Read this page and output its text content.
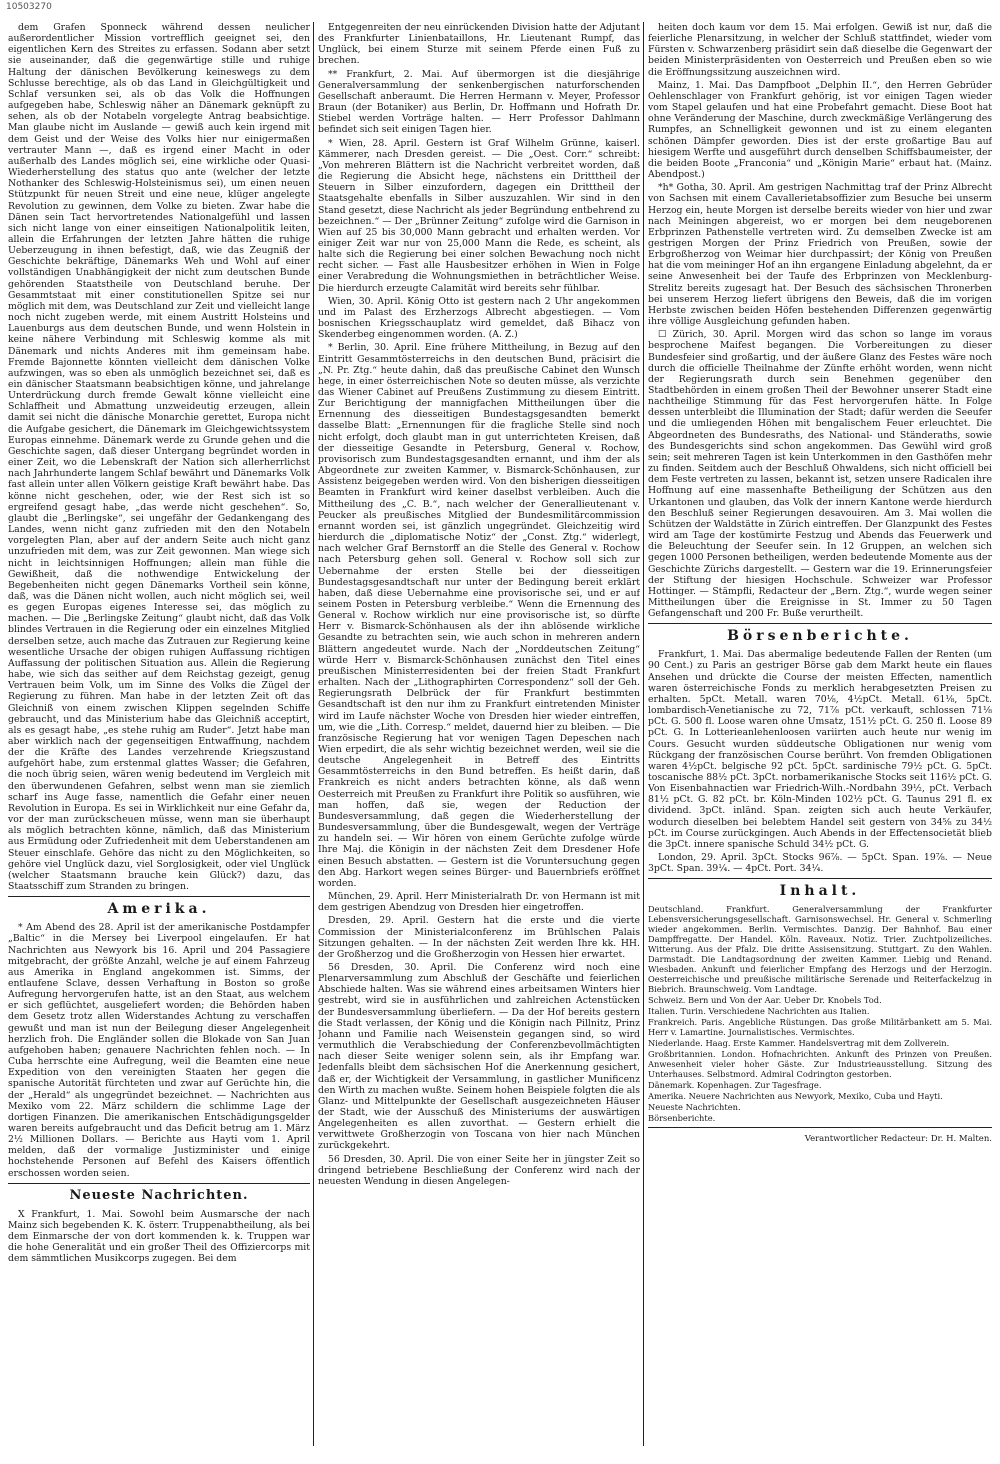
10503270

dem Grafen Sponneck während dessen neulicher außerordentlicher Mission vortrefflich geeignet sei, den eigentlichen Kern des Streites zu erfassen. Sodann aber setzt sie auseinander, daß die gegenwärtige stille und ruhige Haltung der dänischen Bevölkerung keineswegs zu dem Schlusse berechtige, als ob das Land in Gleichgültigkeit und Schlaf versunken sei, als ob das Volk die Hoffnungen aufgegeben habe, Schleswig näher an Dänemark geknüpft zu sehen, als ob der Notabeln vorgelegte Antrag beabsichtige. Man glaube nicht im Auslande — gewiß auch kein irgend mit dem Geist und der Weise des Volks hier nur einigermaßen vertrauter Mann —, daß es irgend einer Macht in oder außerhalb des Landes möglich sei, eine wirkliche oder Quasi-Wiederherstellung des status quo ante (welcher der letzte Nothanker des Schleswig-Holsteinismus sei), um einen neuen Stützpunkt für neuen Streit und eine neue, klüger angelegte Revolution zu gewinnen, dem Volke zu bieten. Zwar habe die Dänen sein Tact hervortretendes Nationalgefühl und lassen sich nicht lange von einer einseitigen Nationalpolitik leiten, allein die Erfahrungen der letzten Jahre hätten die ruhige Ueberzeugung in ihnen befestigt, daß, wie das Zeugniß der Geschichte bekräftige, Dänemarks Weh und Wohl auf einer vollständigen Unabhängigkeit der nicht zum deutschen Bunde gehörenden Staatstheile von Deutschland beruhe. Der Gesammtstaat mit einer constitutionellen Spitze sei nur möglich mit dem, was Deutschland zur Zeit und vielleicht lange noch nicht zugeben werde, mit einem Austritt Holsteins und Lauenburgs aus dem deutschen Bunde, und wenn Holstein in keine nähere Verbindung mit Schleswig komme als mit Dänemark und nichts Anderes mit ihm gemeinsam habe. Fremde Bajonnette könnten vielleicht dem dänischen Volke aufzwingen, was so eben als unmöglich bezeichnet sei, daß es ein dänischer Staatsmann beabsichtigen könne, und jahrelange Unterdrückung durch fremde Gewalt könne vielleicht eine Schlaffheit und Abmattung unzweideutig erzeugen, allein damit sei nicht die dänische Monarchie gerettet, Europa nicht die Aufgabe gesichert, die Dänemark im Gleichgewichtssystem Europas einnehme. Dänemark werde zu Grunde gehen und die Geschichte sagen, daß dieser Untergang begründet worden in einer Zeit, wo die Lebenskraft der Nation sich allerherrlichst nach Jahrhunderte langem Schlaf bewährt und Dänemarks Volk fast allein unter allen Völkern geistige Kraft bewährt habe. Das könne nicht geschehen, oder, wie der Rest sich ist so ergreifend gesagt habe, „das werde nicht geschehen“. So, glaubt die „Berlingske“, sei ungefähr der Gedankengang des Landes, wenn nicht ganz zufrieden mit den den Notabeln vorgelegten Plan, aber auf der andern Seite auch nicht ganz unzufrieden mit dem, was zur Zeit gewonnen. Man wiege sich nicht in leichtsinnigen Hoffnungen; allein man fühle die Gewißheit, daß die nothwendige Entwickelung der Begebenheiten nicht gegen Dänemarks Vortheil sein könne, daß, was die Dänen nicht wollen, auch nicht möglich sei, weil es gegen Europas eigenes Interesse sei, das möglich zu machen. — Die „Berlingske Zeitung“ glaubt nicht, daß das Volk blindes Vertrauen in die Regierung oder ein einzelnes Mitglied derselben setze, auch mache das Zutrauen zur Regierung keine wesentliche Ursache der obigen ruhigen Auffassung richtigen Auffassung der politischen Situation aus. Allein die Regierung habe, wie sich das seither auf dem Reichstag gezeigt, genug Vertrauen beim Volk, um im Sinne des Volks die Zügel der Regierung zu führen. Man habe in der letzten Zeit oft das Gleichniß von einem zwischen Klippen segelnden Schiffe gebraucht, und das Ministerium habe das Gleichniß acceptirt, als es gesagt habe, „es stehe ruhig am Ruder“. Jetzt habe man aber wirklich nach der gegenseitigen Entwaffnung, nachdem der die Kräfte des Landes verzehrende Kriegszustand aufgehört habe, zum erstenmal glattes Wasser; die Gefahren, die noch übrig seien, wären wenig bedeutend im Vergleich mit den überwundenen Gefahren, selbst wenn man sie ziemlich scharf ins Auge fasse, namentlich die Gefahr einer neuen Revolution in Europa. Es sei in Wirklichkeit nur eine Gefahr da, vor der man zurückscheuen müsse, wenn man sie überhaupt als möglich betrachten könne, nämlich, daß das Ministerium aus Ermüdung oder Zufriedenheit mit dem Ueberstandenen am Steuer einschlafe. Gehöre das nicht zu den Möglichkeiten, so gehöre viel Unglück dazu, viel Sorglosigkeit, oder viel Unglück (welcher Staatsmann brauche kein Glück?) dazu, das Staatsschiff zum Stranden zu bringen.

Amerika.

* Am Abend des 28. April ist der amerikanische Postdampfer „Baltic“ in die Mersey bei Liverpool eingelaufen. Er hat Nachrichten aus Newyork bis 16. April und 204 Passagiere mitgebracht, der größte Anzahl, welche je auf einem Fahrzeug aus Amerika in England angekommen ist. Simms, der entlaufene Sclave, dessen Verhaftung in Boston so große Aufregung hervorgerufen hatte, ist an den Staat, aus welchem er sich geflüchtet, ausgeliefert worden; die Behörden haben dem Gesetz trotz allen Widerstandes Achtung zu verschaffen gewußt und man ist nun der Beilegung dieser Angelegenheit herzlich froh. Die Engländer sollen die Blokade von San Juan aufgehoben haben; genauere Nachrichten fehlen noch. — In Cuba herrschte eine Aufregung, weil die Beamten eine neue Expedition von den vereinigten Staaten her gegen die spanische Autorität fürchteten und zwar auf Gerüchte hin, die der „Herald“ als ungegründet bezeichnet. — Nachrichten aus Mexiko vom 22. März schildern die schlimme Lage der dortigen Finanzen. Die amerikanischen Entschädigungsgelder waren bereits aufgebraucht und das Deficit betrug am 1. März 2½ Millionen Dollars. — Berichte aus Hayti vom 1. April melden, daß der vormalige Justizminister und einige hochstehende Personen auf Befehl des Kaisers öffentlich erschossen worden seien.

Neueste Nachrichten.

X Frankfurt, 1. Mai. Sowohl beim Ausmarsche der nach Mainz sich begebenden K. K. österr. Truppenabtheilung, als bei dem Einmarsche der von dort kommenden k. k. Truppen war die hohe Generalität und ein großer Theil des Offiziercorps mit dem sämmtlichen Musikcorps zugegen. Bei dem

Entgegenreiten der neu einrückenden Division hatte der Adjutant des Frankfurter Linienbataillons, Hr. Lieutenant Rumpf, das Unglück, bei einem Sturze mit seinem Pferde einen Fuß zu brechen.

** Frankfurt, 2. Mai. Auf übermorgen ist die diesjährige Generalversammlung der senkenbergischen naturforschenden Gesellschaft anberaumt. Die Herren Hermann v. Meyer, Professor Braun (der Botaniker) aus Berlin, Dr. Hoffmann und Hofrath Dr. Stiebel werden Vorträge halten. — Herr Professor Dahlmann befindet sich seit einigen Tagen hier.

* Wien, 28. April. Gestern ist Graf Wilhelm Grünne, kaiserl. Kämmerer, nach Dresden gereist. — Die „Oest. Corr.“ schreibt: „Von mehreren Blättern ist die Nachricht verbreitet worden, daß die Regierung die Absicht hege, nächstens ein Dritttheil der Steuern in Silber einzufordern, dagegen ein Dritttheil der Staatsgehalte ebenfalls in Silber auszuzahlen. Wir sind in den Stand gesetzt, diese Nachricht als jeder Begründung entbehrend zu bezeichnen.“ — Der „Brünner Zeitung“ zufolge wird die Garnison in Wien auf 25 bis 30,000 Mann gebracht und erhalten werden. Vor einiger Zeit war nur von 25,000 Mann die Rede, es scheint, als halte sich die Regierung bei einer solchen Bewachung noch nicht recht sicher. — Fast alle Hausbesitzer erhöhen in Wien in Folge einer Verabredung die Wohnungsmiethen in beträchtlicher Weise. Die hierdurch erzeugte Calamität wird bereits sehr fühlbar.

Wien, 30. April. König Otto ist gestern nach 2 Uhr angekommen und im Palast des Erzherzogs Albrecht abgestiegen. — Vom bosnischen Kriegsschauplatz wird gemeldet, daß Bihacz von Skenderbeg eingenommen worden. (A. Z.)

* Berlin, 30. April. Eine frühere Mittheilung, in Bezug auf den Eintritt Gesammtösterreichs in den deutschen Bund, präcisirt die „N. Pr. Ztg.“ heute dahin, daß das preußische Cabinet den Wunsch hege, in einer österreichischen Note so deuten müsse, als verzichte das Wiener Cabinet auf Preußens Zustimmung zu diesem Eintritt. Zur Berichtigung der mannigfachen Mittheilungen über die Ernennung des diesseitigen Bundestagsgesandten bemerkt dasselbe Blatt: „Ernennungen für die fragliche Stelle sind noch nicht erfolgt, doch glaubt man in gut unterrichteten Kreisen, daß der diesseitige Gesandte in Petersburg, General v. Rochow, provisorisch zum Bundestagsgesandten ernannt, und ihm der als Abgeordnete zur zweiten Kammer, v. Bismarck-Schönhausen, zur Assistenz beigegeben werden wird. Von den bisherigen diesseitigen Beamten in Frankfurt wird keiner daselbst verbleiben. Auch die Mittheilung des „C. B.“, nach welcher der Generallieutenant v. Peucker als preußisches Mitglied der Bundesmilitärcommission ernannt worden sei, ist gänzlich ungegründet. Gleichzeitig wird hierdurch die „diplomatische Notiz“ der „Const. Ztg.“ widerlegt, nach welcher Graf Bernstorff an die Stelle des General v. Rochow nach Petersburg gehen soll. General v. Rochow soll sich zur Uebernahme der ersten Stelle bei der diesseitigen Bundestagsgesandtschaft nur unter der Bedingung bereit erklärt haben, daß diese Uebernahme eine provisorische sei, und er auf seinem Posten in Petersburg verbleibe.“ Wenn die Ernennung des General v. Rochow wirklich nur eine provisorische ist, so dürfte Herr v. Bismarck-Schönhausen als der ihn ablösende wirkliche Gesandte zu betrachten sein, wie auch schon in mehreren andern Blättern angedeutet wurde. Nach der „Norddeutschen Zeitung“ würde Herr v. Bismarck-Schönhausen zunächst den Titel eines preußischen Ministerresidenten bei der freien Stadt Frankfurt erhalten. Nach der „Lithographirten Correspondenz“ soll der Geh. Regierungsrath Delbrück der für Frankfurt bestimmten Gesandtschaft ist den nur ihm zu Frankfurt eintretenden Minister wird im Laufe nächster Woche von Dresden hier wieder eintreffen, um, wie die „Lith. Corresp.“ meldet, dauernd hier zu bleiben. — Die französische Regierung hat vor wenigen Tagen Depeschen nach Wien erpedirt, die als sehr wichtig bezeichnet werden, weil sie die deutsche Angelegenheit in Betreff des Eintritts Gesammtösterreichs in den Bund betreffen. Es heißt darin, daß Frankreich es nicht anders betrachten könne, als daß wenn Oesterreich mit Preußen zu Frankfurt ihre Politik so ausführen, wie man hoffen, daß sie, wegen der Reduction der Bundesversammlung, daß gegen die Wiederherstellung der Bundesversammlung, über die Bundesgewalt, wegen der Verträge zu handeln sei. — Wir hören von einem Gerüchte zufolge würde Ihre Maj. die Königin in der nächsten Zeit dem Dresdener Hofe einen Besuch abstatten. — Gestern ist die Voruntersuchung gegen den Abg. Harkort wegen seines Bürger- und Bauernbriefs eröffnet worden.

München, 29. April. Herr Ministerialrath Dr. von Hermann ist mit dem gestrigen Abendzug von Dresden hier eingetroffen.

Dresden, 29. April. Gestern hat die erste und die vierte Commission der Ministerialconferenz im Brühlschen Palais Sitzungen gehalten. — In der nächsten Zeit werden Ihre kk. HH. der Großherzog und die Großherzogin von Hessen hier erwartet.

56 Dresden, 30. April. Die Conferenz wird noch eine Plenarversammlung zum Abschluß der Geschäfte und feierlichen Abschiede halten. Was sie während eines arbeitsamen Winters hier gestrebt, wird sie in ausführlichen und zahlreichen Actenstücken der Bundesversammlung überliefern. — Da der Hof bereits gestern die Stadt verlassen, der König und die Königin nach Pillnitz, Prinz Johann und Familie nach Weisenstein gegangen sind, so wird vermuthlich die Verabschiedung der Conferenzbevollmächtigten nach dieser Seite weniger solenn sein, als ihr Empfang war. Jedenfalls bleibt dem sächsischen Hof die Anerkennung gesichert, daß er, der Wichtigkeit der Versammlung, in gastlicher Munificenz den Wirth zu machen wußte. Seinem hohen Beispiele folgten die als Glanz- und Mittelpunkte der Gesellschaft ausgezeichneten Häuser der Stadt, wie der Ausschuß des Ministeriums der auswärtigen Angelegenheiten es allen zuvorthat. — Gestern erhielt die verwittwete Großherzogin von Toscana von hier nach München zurückgekehrt.

56 Dresden, 30. April. Die von einer Seite her in jüngster Zeit so dringend betriebene Beschließung der Conferenz wird nach der neuesten Wendung in diesen Angelegen-

heiten doch kaum vor dem 15. Mai erfolgen. Gewiß ist nur, daß die feierliche Plenarsitzung, in welcher der Schluß stattfindet, wieder vom Fürsten v. Schwarzenberg präsidirt sein daß dieselbe die Gegenwart der beiden Ministerpräsidenten von Oesterreich und Preußen eben so wie die Eröffnungssitzung auszeichnen wird.

Mainz, 1. Mai. Das Dampfboot „Delphin II.“, den Herren Gebrüder Oehlenschlager von Frankfurt gehörig, ist vor einigen Tagen wieder vom Stapel gelaufen und hat eine Probefahrt gemacht. Diese Boot hat ohne Veränderung der Maschine, durch zweckmäßige Verlängerung des Rumpfes, an Schnelligkeit gewonnen und ist zu einem eleganten schönen Dämpfer geworden. Dies ist der erste großartige Bau auf hiesigem Werfte und ausgeführt durch denselben Schiffsbaumeister, der die beiden Boote „Franconia“ und „Königin Marie“ erbaut hat. (Mainz. Abendpost.)

*h* Gotha, 30. April. Am gestrigen Nachmittag traf der Prinz Albrecht von Sachsen mit einem Cavallerietabsoffizier zum Besuche bei unserm Herzog ein, heute Morgen ist derselbe bereits wieder von hier und zwar nach Meiningen abgereist, wo er morgen bei dem neugeborenen Erbprinzen Pathenstelle vertreten wird. Zu demselben Zwecke ist am gestrigen Morgen der Prinz Friedrich von Preußen, sowie der Erbgroßherzog von Weimar hier durchpassirt; der König von Preußen hat die vom meininger Hof an ihn ergangene Einladung abgelehnt, da er seine Anwesenheit bei der Taufe des Erbprinzen von Mecklenburg-Strelitz bereits zugesagt hat. Der Besuch des sächsischen Thronerben bei unserem Herzog liefert übrigens den Beweis, daß die im vorigen Herbste zwischen beiden Höfen bestehenden Differenzen gegenwärtig ihre völlige Ausgleichung gefunden haben.

☐ Zürich, 30. April. Morgen wird das schon so lange im voraus besprochene Maifest begangen. Die Vorbereitungen zu dieser Bundesfeier sind großartig, und der äußere Glanz des Festes wäre noch durch die officielle Theilnahme der Zünfte erhöht worden, wenn nicht der Regierungsrath durch sein Benehmen gegenüber den Stadtbehörden in einem großen Theil der Bewohner unserer Stadt eine nachtheilige Stimmung für das Fest hervorgerufen hätte. In Folge dessen unterbleibt die Illumination der Stadt; dafür werden die Seeufer und die umliegenden Höhen mit bengalischem Feuer erleuchtet. Die Abgeordneten des Bundesraths, des National- und Ständeraths, sowie des Bundesgerichts sind schon angekommen. Das Gewühl wird groß sein; seit mehreren Tagen ist kein Unterkommen in den Gasthöfen mehr zu finden. Seitdem auch der Beschluß Ohwaldens, sich nicht officiell bei dem Feste vertreten zu lassen, bekannt ist, setzen unsere Radicalen ihre Hoffnung auf eine massenhafte Betheiligung der Schützen aus den Urkantonen und glauben, das Volk der innern Kantone werde hierdurch den Beschluß seiner Regierungen desavouiren. Am 3. Mai wollen die Schützen der Waldstätte in Zürich eintreffen. Der Glanzpunkt des Festes wird am Tage der kostümirte Festzug und Abends das Feuerwerk und die Beleuchtung der Seeufer sein. In 12 Gruppen, an welchen sich gegen 1000 Personen betheiligen, werden bedeutende Momente aus der Geschichte Zürichs dargestellt. — Gestern war die 19. Erinnerungsfeier der Stiftung der hiesigen Hochschule. Schweizer war Professor Hottinger. — Stämpfli, Redacteur der „Bern. Ztg.“, wurde wegen seiner Mittheilungen über die Ereignisse in St. Immer zu 50 Tagen Gefangenschaft und 200 Fr. Buße verurtheilt.

Börsenberichte.

Frankfurt, 1. Mai. Das abermalige bedeutende Fallen der Renten (um 90 Cent.) zu Paris an gestriger Börse gab dem Markt heute ein flaues Ansehen und drückte die Course der meisten Effecten, namentlich waren österreichische Fonds zu merklich herabgesetzten Preisen zu erhalten. 5pCt. Metall. waren 70⅛, 4½pCt. Metall. 61⅛, 5pCt. lombardisch-Venetianische zu 72, 71⅞ pCt. verkauft, schlossen 71⅛ pCt. G. 500 fl. Loose waren ohne Umsatz, 151½ pCt. G. 250 fl. Loose 89 pCt. G. In Lotterieanlehenloosen variirten auch heute nur wenig im Cours. Gesucht wurden süddeutsche Obligationen nur wenig vom Rückgang der französischen Course berührt. Von fremden Obligationen waren 4½pCt. belgische 92 pCt. 5pCt. sardinische 79½ pCt. G. 5pCt. toscanische 88½ pCt. 3pCt. norbamerikanische Stocks seit 116½ pCt. G. Von Eisenbahnactien war Friedrich-Wilh.-Nordbahn 39½, pCt. Verbach 81½ pCt. G. 82 pCt. br. Köln-Minden 102½ pCt. G. Taunus 291 fl. ex dividend. 3pCt. inländ. Span. zeigten sich auch heute Verkäufer, wodurch dieselben bei belebtem Handel seit gestern von 34⅝ zu 34½ pCt. im Course zurückgingen. Auch Abends in der Effectensocietät blieb die 3pCt. innere spanische Schuld 34½ pCt. G.

London, 29. April. 3pCt. Stocks 96⅞. — 5pCt. Span. 19⅞. — Neue 3pCt. Span. 39¼. — 4pCt. Port. 34¼.

Inhalt.

Deutschland. Frankfurt. Generalversammlung der Frankfurter Lebensversicherungsgesellschaft. Garnisonswechsel. Hr. General v. Schmerling wieder angekommen. Berlin. Vermischtes. Danzig. Der Bahnhof. Bau einer Dampffregatte. Der Handel. Köln. Raveaux. Notiz. Trier. Zuchtpolizeiliches. Witterung. Aus der Pfalz. Die dritte Assisensitzung. Stuttgart. Zu den Wahlen. Darmstadt. Die Landtagsordnung der zweiten Kammer. Liebig und Renand. Wiesbaden. Ankunft und feierlicher Empfang des Herzogs und der Herzogin. Oesterreichische und preußische militärische Serenade und Reiterfackelzug in Biebrich. Braunschweig. Vom Landtage.

Schweiz. Bern und Von der Aar. Ueber Dr. Knobels Tod.

Italien. Turin. Verschiedene Nachrichten aus Italien.

Frankreich. Paris. Angebliche Rüstungen. Das große Militärbankett am 5. Mai. Herr v. Lamartine. Journalistisches. Vermischtes.

Niederlande. Haag. Erste Kammer. Handelsvertrag mit dem Zollverein.

Großbritannien. London. Hofnachrichten. Ankunft des Prinzen von Preußen. Anwesenheit vieler hoher Gäste. Zur Industrieausstellung. Sitzung des Unterhauses. Selbstmord. Admiral Codrington gestorben.

Dänemark. Kopenhagen. Zur Tagesfrage.

Amerika. Neuere Nachrichten aus Newyork, Mexiko, Cuba und Hayti.

Neueste Nachrichten.

Börsenberichte.

Verantwortlicher Redacteur: Dr. H. Malten.
